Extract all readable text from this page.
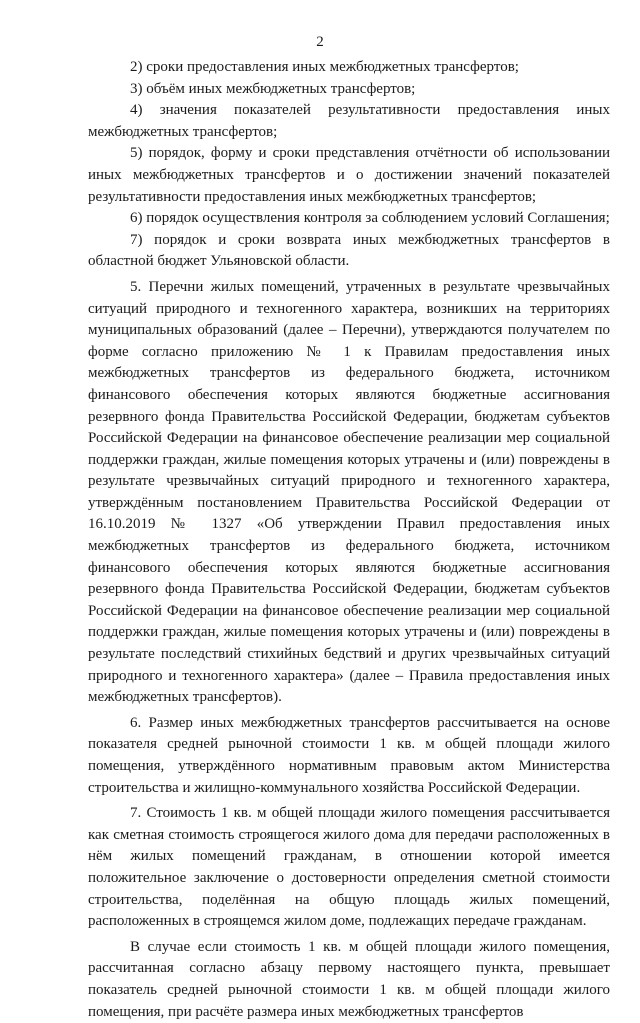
2

2) сроки предоставления иных межбюджетных трансфертов;

3) объём иных межбюджетных трансфертов;

4) значения показателей результативности предоставления иных межбюджетных трансфертов;

5) порядок, форму и сроки представления отчётности об использовании иных межбюджетных трансфертов и о достижении значений показателей результативности предоставления иных межбюджетных трансфертов;

6) порядок осуществления контроля за соблюдением условий Соглашения;

7) порядок и сроки возврата иных межбюджетных трансфертов в областной бюджет Ульяновской области.

5. Перечни жилых помещений, утраченных в результате чрезвычайных ситуаций природного и техногенного характера, возникших на территориях муниципальных образований (далее – Перечни), утверждаются получателем по форме согласно приложению № 1 к Правилам предоставления иных межбюджетных трансфертов из федерального бюджета, источником финансового обеспечения которых являются бюджетные ассигнования резервного фонда Правительства Российской Федерации, бюджетам субъектов Российской Федерации на финансовое обеспечение реализации мер социальной поддержки граждан, жилые помещения которых утрачены и (или) повреждены в результате чрезвычайных ситуаций природного и техногенного характера, утверждённым постановлением Правительства Российской Федерации от 16.10.2019 № 1327 «Об утверждении Правил предоставления иных межбюджетных трансфертов из федерального бюджета, источником финансового обеспечения которых являются бюджетные ассигнования резервного фонда Правительства Российской Федерации, бюджетам субъектов Российской Федерации на финансовое обеспечение реализации мер социальной поддержки граждан, жилые помещения которых утрачены и (или) повреждены в результате последствий стихийных бедствий и других чрезвычайных ситуаций природного и техногенного характера» (далее – Правила предоставления иных межбюджетных трансфертов).

6. Размер иных межбюджетных трансфертов рассчитывается на основе показателя средней рыночной стоимости 1 кв. м общей площади жилого помещения, утверждённого нормативным правовым актом Министерства строительства и жилищно-коммунального хозяйства Российской Федерации.

7. Стоимость 1 кв. м общей площади жилого помещения рассчитывается как сметная стоимость строящегося жилого дома для передачи расположенных в нём жилых помещений гражданам, в отношении которой имеется положительное заключение о достоверности определения сметной стоимости строительства, поделённая на общую площадь жилых помещений, расположенных в строящемся жилом доме, подлежащих передаче гражданам.

В случае если стоимость 1 кв. м общей площади жилого помещения, рассчитанная согласно абзацу первому настоящего пункта, превышает показатель средней рыночной стоимости 1 кв. м общей площади жилого помещения, при расчёте размера иных межбюджетных трансфертов
